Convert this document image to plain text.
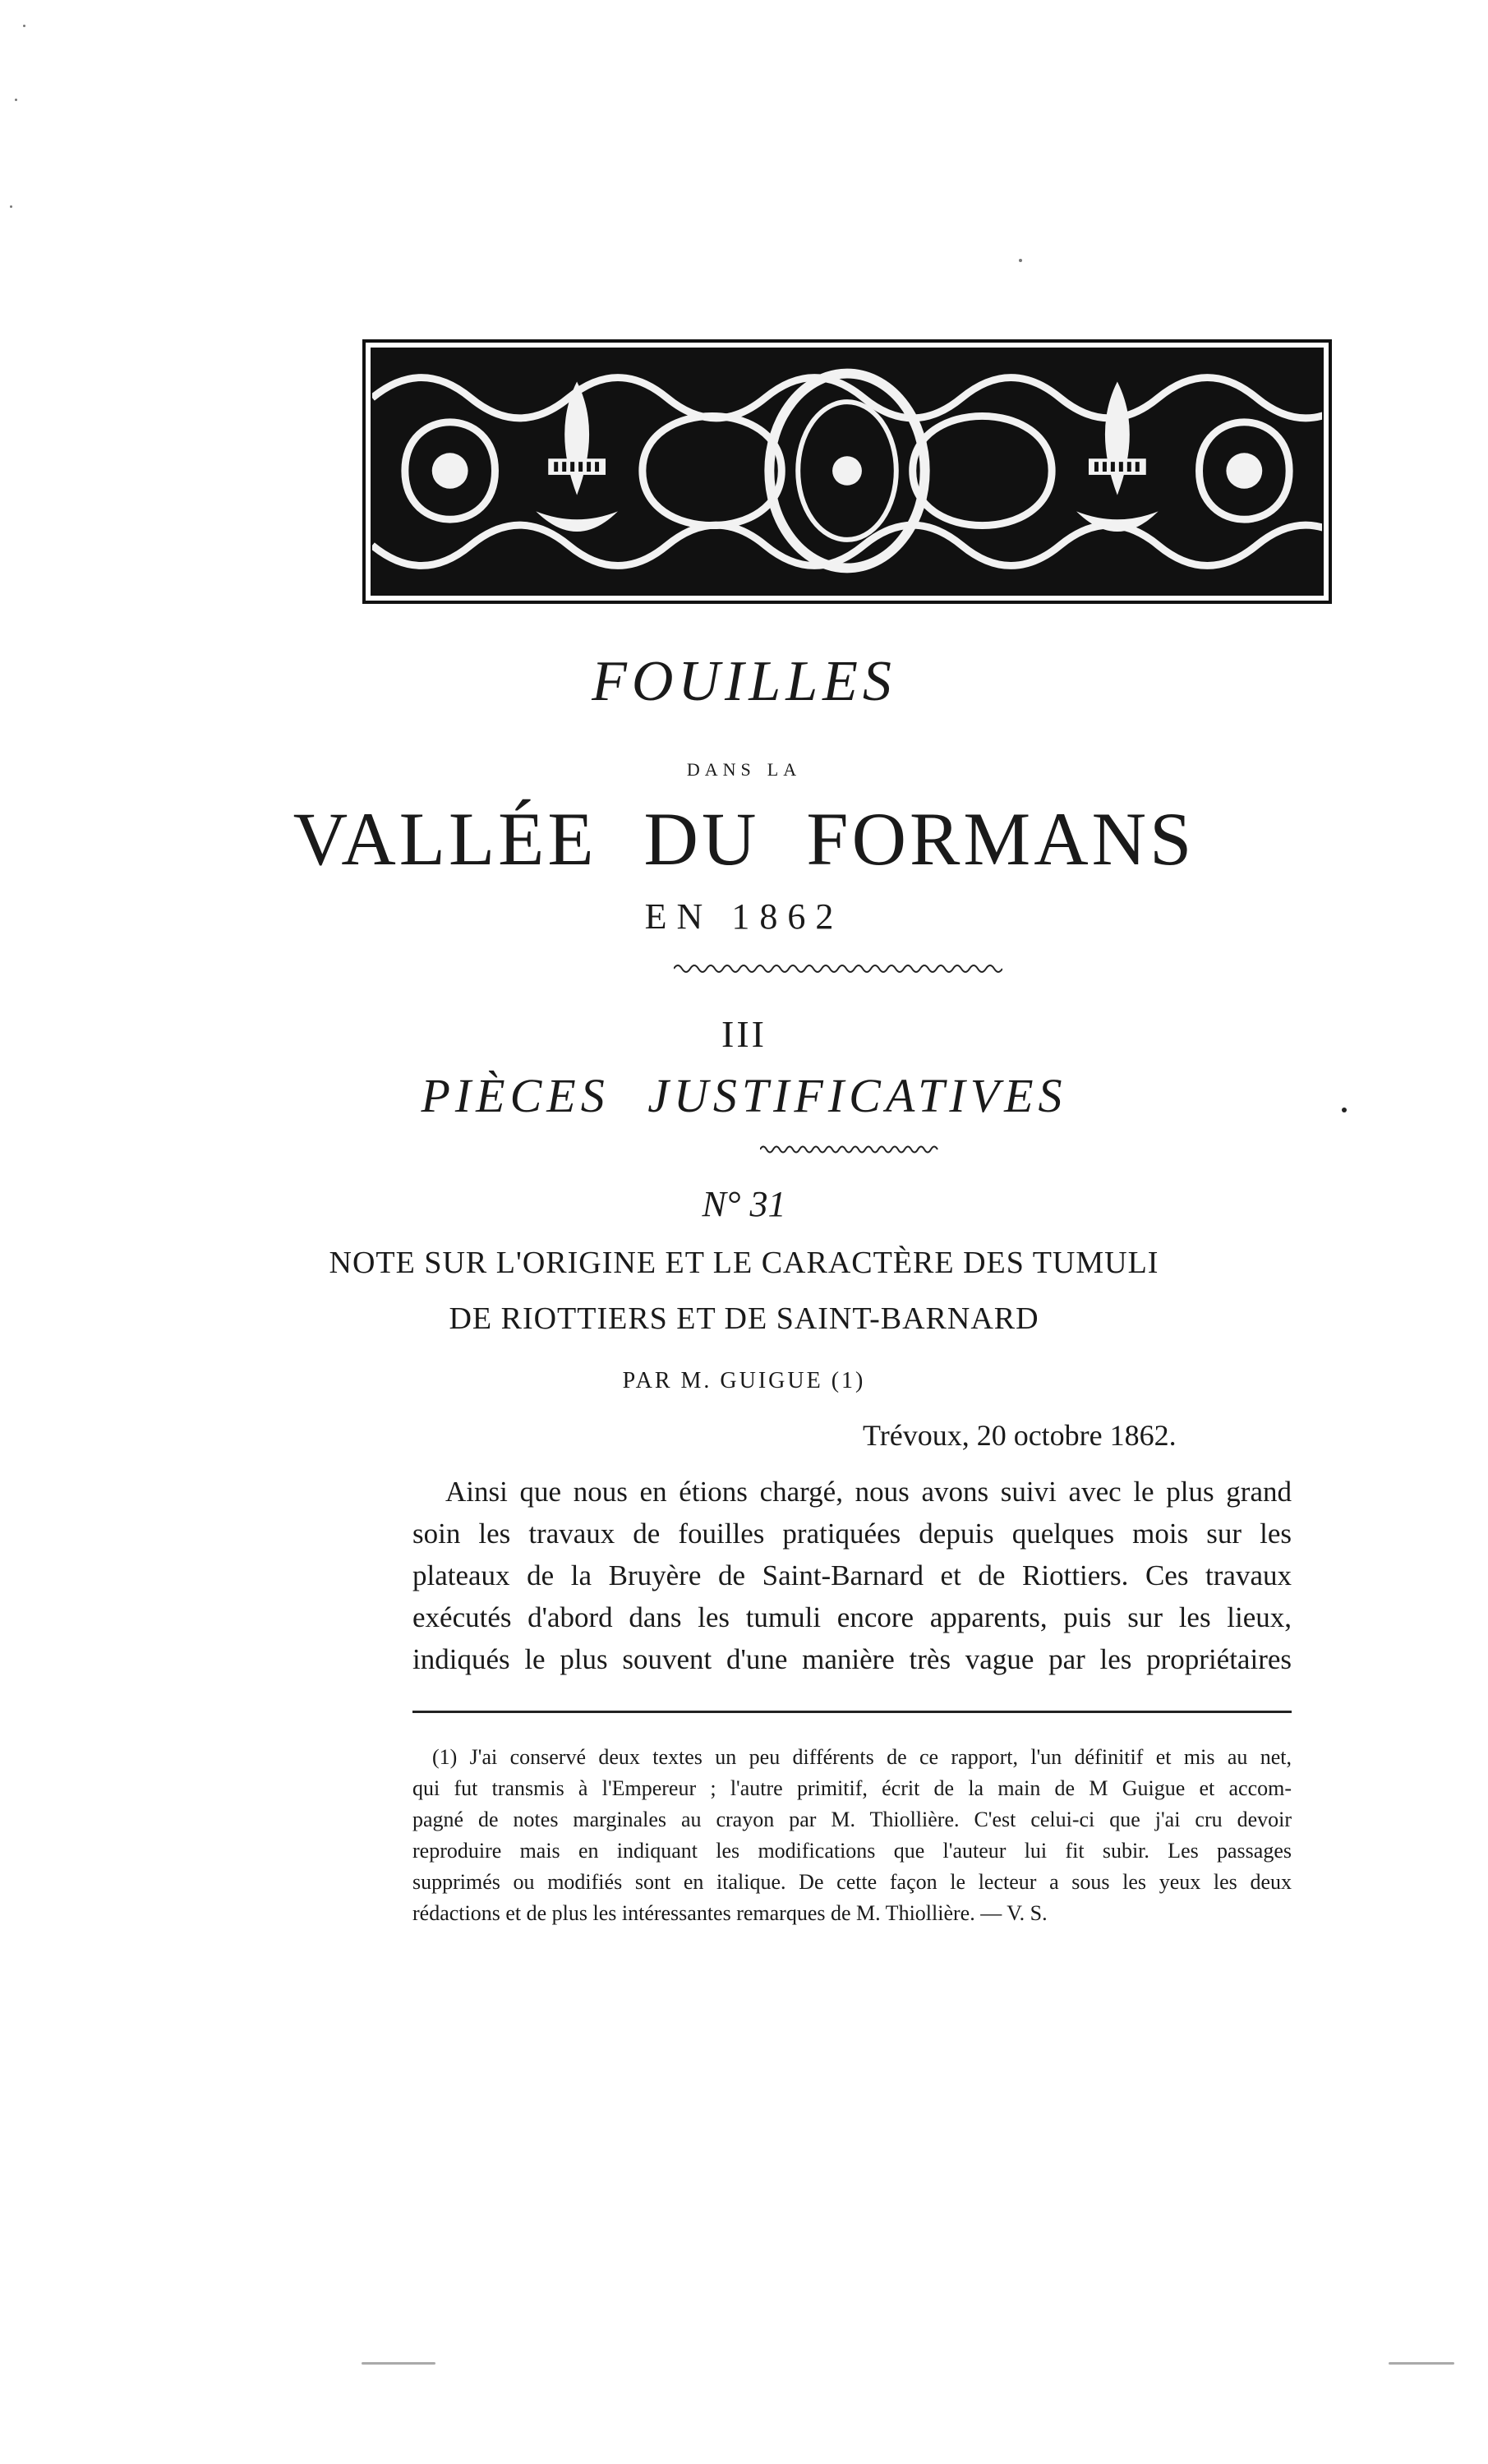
FOUILLES
dans la
VALLÉE DU FORMANS
EN 1862
III
PIÈCES JUSTIFICATIVES
N° 31
NOTE SUR L'ORIGINE ET LE CARACTÈRE DES TUMULI
DE RIOTTIERS ET DE SAINT-BARNARD
PAR M. GUIGUE (1)
Trévoux, 20 octobre 1862.
Ainsi que nous en étions chargé, nous avons suivi avec le plus grand
soin les travaux de fouilles pratiquées depuis quelques mois sur les
plateaux de la Bruyère de Saint-Barnard et de Riottiers. Ces travaux
exécutés d'abord dans les tumuli encore apparents, puis sur les lieux,
indiqués le plus souvent d'une manière très vague par les propriétaires
(1) J'ai conservé deux textes un peu différents de ce rapport, l'un définitif et mis au net,
qui fut transmis à l'Empereur ; l'autre primitif, écrit de la main de M Guigue et accom-
pagné de notes marginales au crayon par M. Thiollière. C'est celui-ci que j'ai cru devoir
reproduire mais en indiquant les modifications que l'auteur lui fit subir. Les passages
supprimés ou modifiés sont en italique. De cette façon le lecteur a sous les yeux les deux
rédactions et de plus les intéressantes remarques de M. Thiollière. — V. S.
